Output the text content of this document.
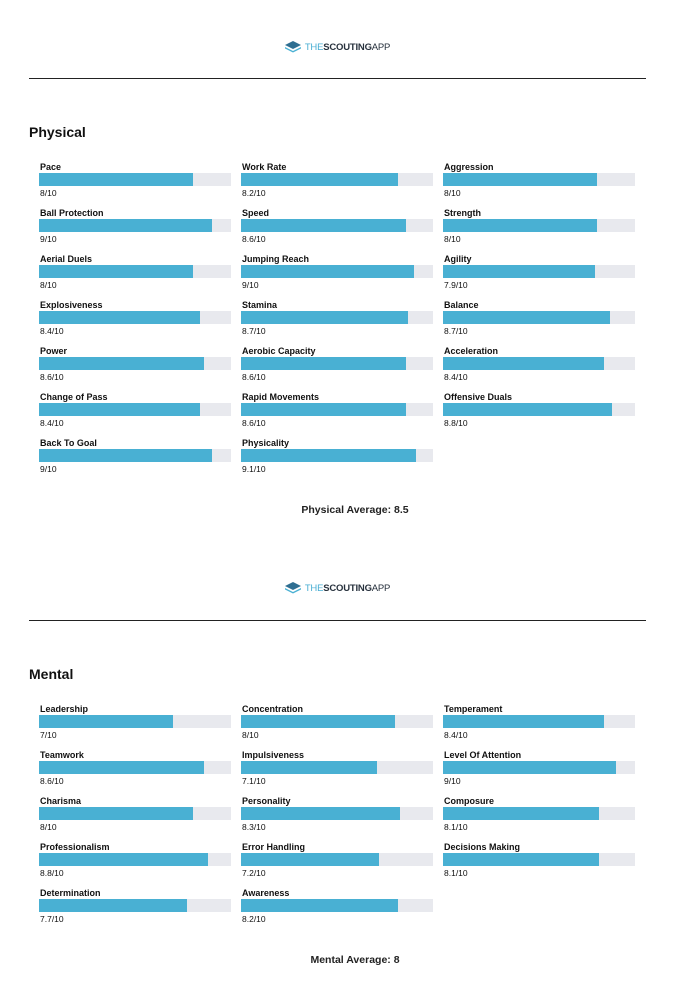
THE SCOUTING APP
Physical
Pace
8/10
Work Rate
8.2/10
Aggression
8/10
Ball Protection
9/10
Speed
8.6/10
Strength
8/10
Aerial Duels
8/10
Jumping Reach
9/10
Agility
7.9/10
Explosiveness
8.4/10
Stamina
8.7/10
Balance
8.7/10
Power
8.6/10
Aerobic Capacity
8.6/10
Acceleration
8.4/10
Change of Pass
8.4/10
Rapid Movements
8.6/10
Offensive Duals
8.8/10
Back To Goal
9/10
Physicality
9.1/10
Physical Average: 8.5
THE SCOUTING APP
Mental
Leadership
7/10
Concentration
8/10
Temperament
8.4/10
Teamwork
8.6/10
Impulsiveness
7.1/10
Level Of Attention
9/10
Charisma
8/10
Personality
8.3/10
Composure
8.1/10
Professionalism
8.8/10
Error Handling
7.2/10
Decisions Making
8.1/10
Determination
7.7/10
Awareness
8.2/10
Mental Average: 8
